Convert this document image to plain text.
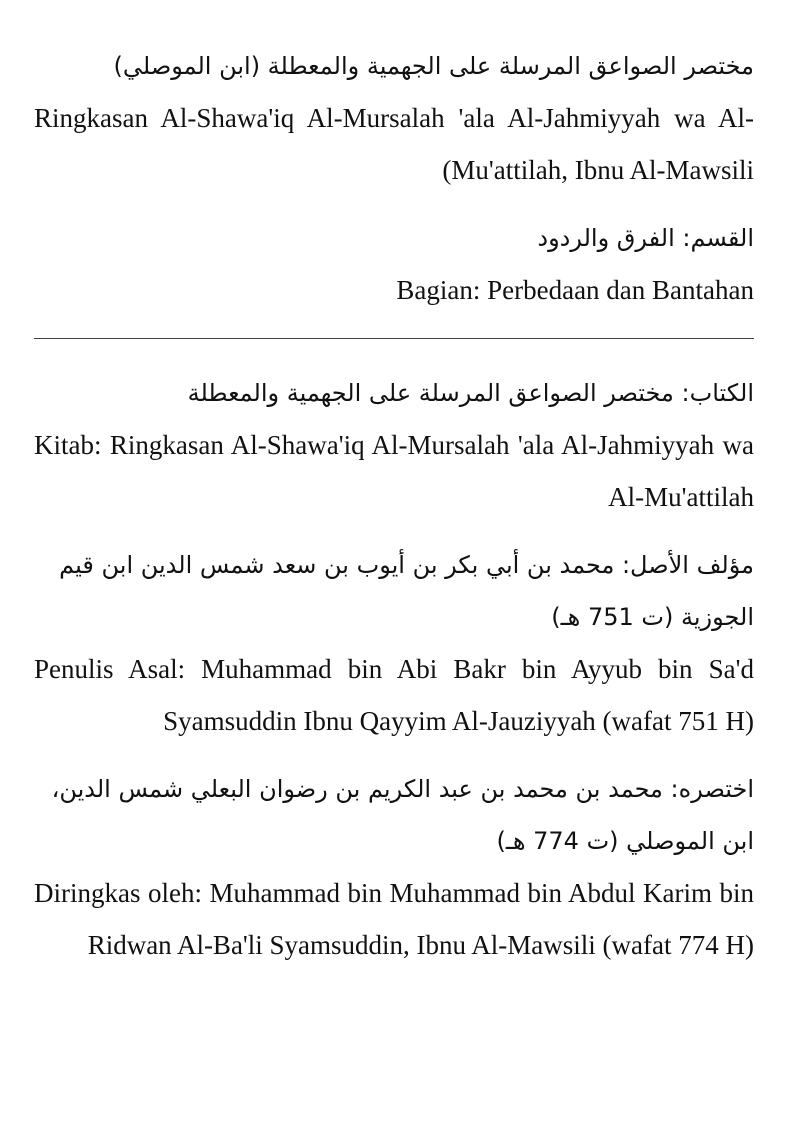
مختصر الصواعق المرسلة على الجهمية والمعطلة (ابن الموصلي)
Ringkasan Al-Shawa'iq Al-Mursalah 'ala Al-Jahmiyyah wa Al-Mu'attilah, Ibnu Al-Mawsili)
القسم: الفرق والردود
Bagian: Perbedaan dan Bantahan
الكتاب: مختصر الصواعق المرسلة على الجهمية والمعطلة
Kitab: Ringkasan Al-Shawa'iq Al-Mursalah 'ala Al-Jahmiyyah wa Al-Mu'attilah
مؤلف الأصل: محمد بن أبي بكر بن أيوب بن سعد شمس الدين ابن قيم الجوزية (ت 751 هـ)
Penulis Asal: Muhammad bin Abi Bakr bin Ayyub bin Sa'd Syamsuddin Ibnu Qayyim Al-Jauziyyah (wafat 751 H)
اختصره: محمد بن محمد بن عبد الكريم بن رضوان البعلي شمس الدين، ابن الموصلي (ت 774 هـ)
Diringkas oleh: Muhammad bin Muhammad bin Abdul Karim bin Ridwan Al-Ba'li Syamsuddin, Ibnu Al-Mawsili (wafat 774 H)
